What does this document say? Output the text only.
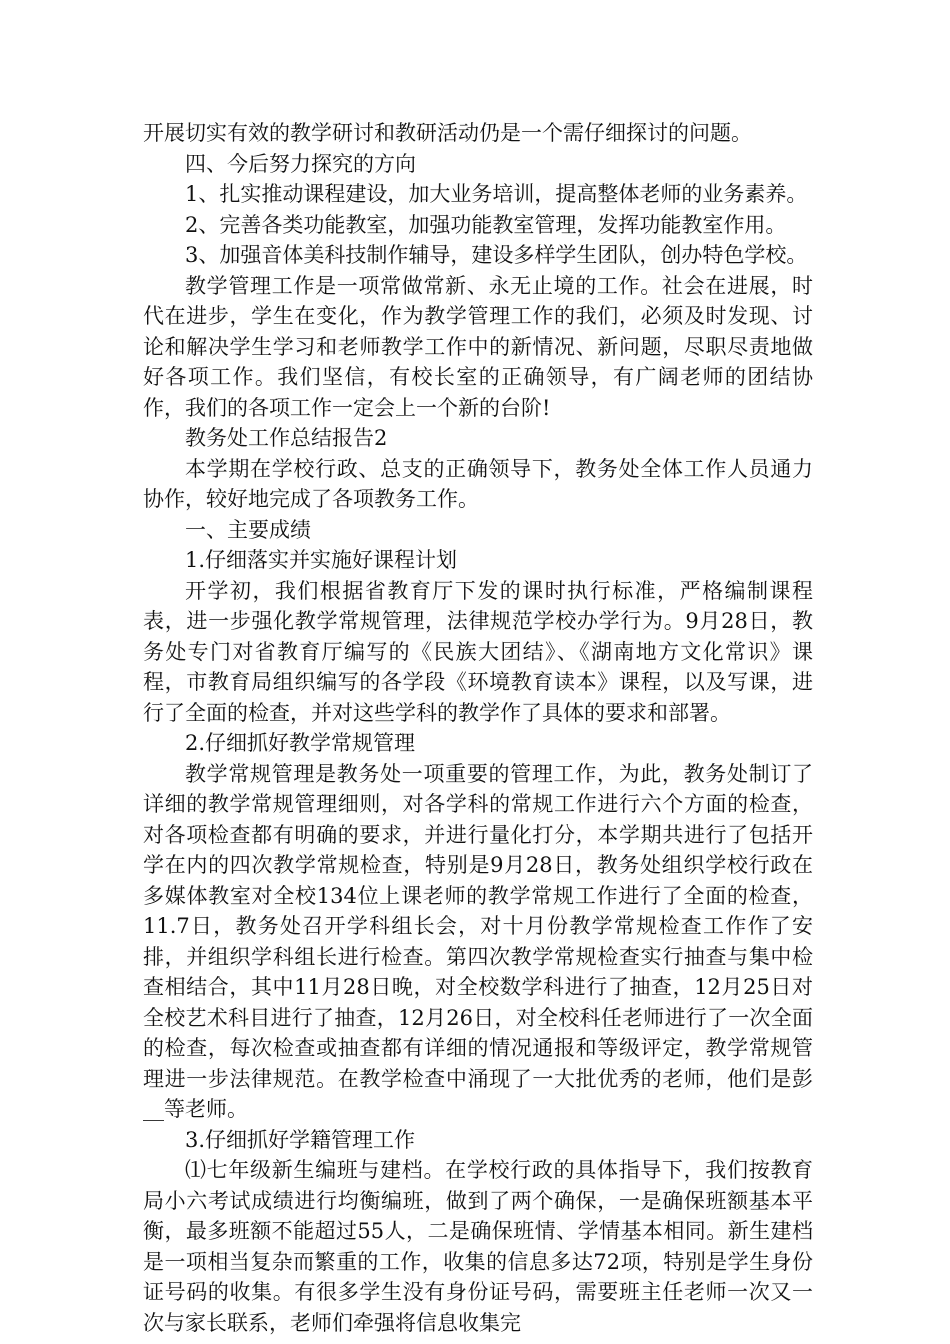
开展切实有效的教学研讨和教研活动仍是一个需仔细探讨的问题。

四、今后努力探究的方向

1、扎实推动课程建设，加大业务培训，提高整体老师的业务素养。

2、完善各类功能教室，加强功能教室管理，发挥功能教室作用。

3、加强音体美科技制作辅导，建设多样学生团队，创办特色学校。

教学管理工作是一项常做常新、永无止境的工作。社会在进展，时代在进步，学生在变化，作为教学管理工作的我们，必须及时发现、讨论和解决学生学习和老师教学工作中的新情况、新问题，尽职尽责地做好各项工作。我们坚信，有校长室的正确领导，有广阔老师的团结协作，我们的各项工作一定会上一个新的台阶!

教务处工作总结报告2

本学期在学校行政、总支的正确领导下，教务处全体工作人员通力协作，较好地完成了各项教务工作。

一、主要成绩

1.仔细落实并实施好课程计划

开学初，我们根据省教育厅下发的课时执行标准，严格编制课程表，进一步强化教学常规管理，法律规范学校办学行为。9月28日，教务处专门对省教育厅编写的《民族大团结》、《湖南地方文化常识》课程，市教育局组织编写的各学段《环境教育读本》课程，以及写课，进行了全面的检查，并对这些学科的教学作了具体的要求和部署。

2.仔细抓好教学常规管理

教学常规管理是教务处一项重要的管理工作，为此，教务处制订了详细的教学常规管理细则，对各学科的常规工作进行六个方面的检查，对各项检查都有明确的要求，并进行量化打分，本学期共进行了包括开学在内的四次教学常规检查，特别是9月28日，教务处组织学校行政在多媒体教室对全校134位上课老师的教学常规工作进行了全面的检查，11.7日，教务处召开学科组长会，对十月份教学常规检查工作作了安排，并组织学科组长进行检查。第四次教学常规检查实行抽查与集中检查相结合，其中11月28日晚，对全校数学科进行了抽查，12月25日对全校艺术科目进行了抽查，12月26日，对全校科任老师进行了一次全面的检查，每次检查或抽查都有详细的情况通报和等级评定，教学常规管理进一步法律规范。在教学检查中涌现了一大批优秀的老师，他们是彭__等老师。

3.仔细抓好学籍管理工作

⑴七年级新生编班与建档。在学校行政的具体指导下，我们按教育局小六考试成绩进行均衡编班，做到了两个确保，一是确保班额基本平衡，最多班额不能超过55人，二是确保班情、学情基本相同。新生建档是一项相当复杂而繁重的工作，收集的信息多达72项，特别是学生身份证号码的收集。有很多学生没有身份证号码，需要班主任老师一次又一次与家长联系，老师们牵强将信息收集完
